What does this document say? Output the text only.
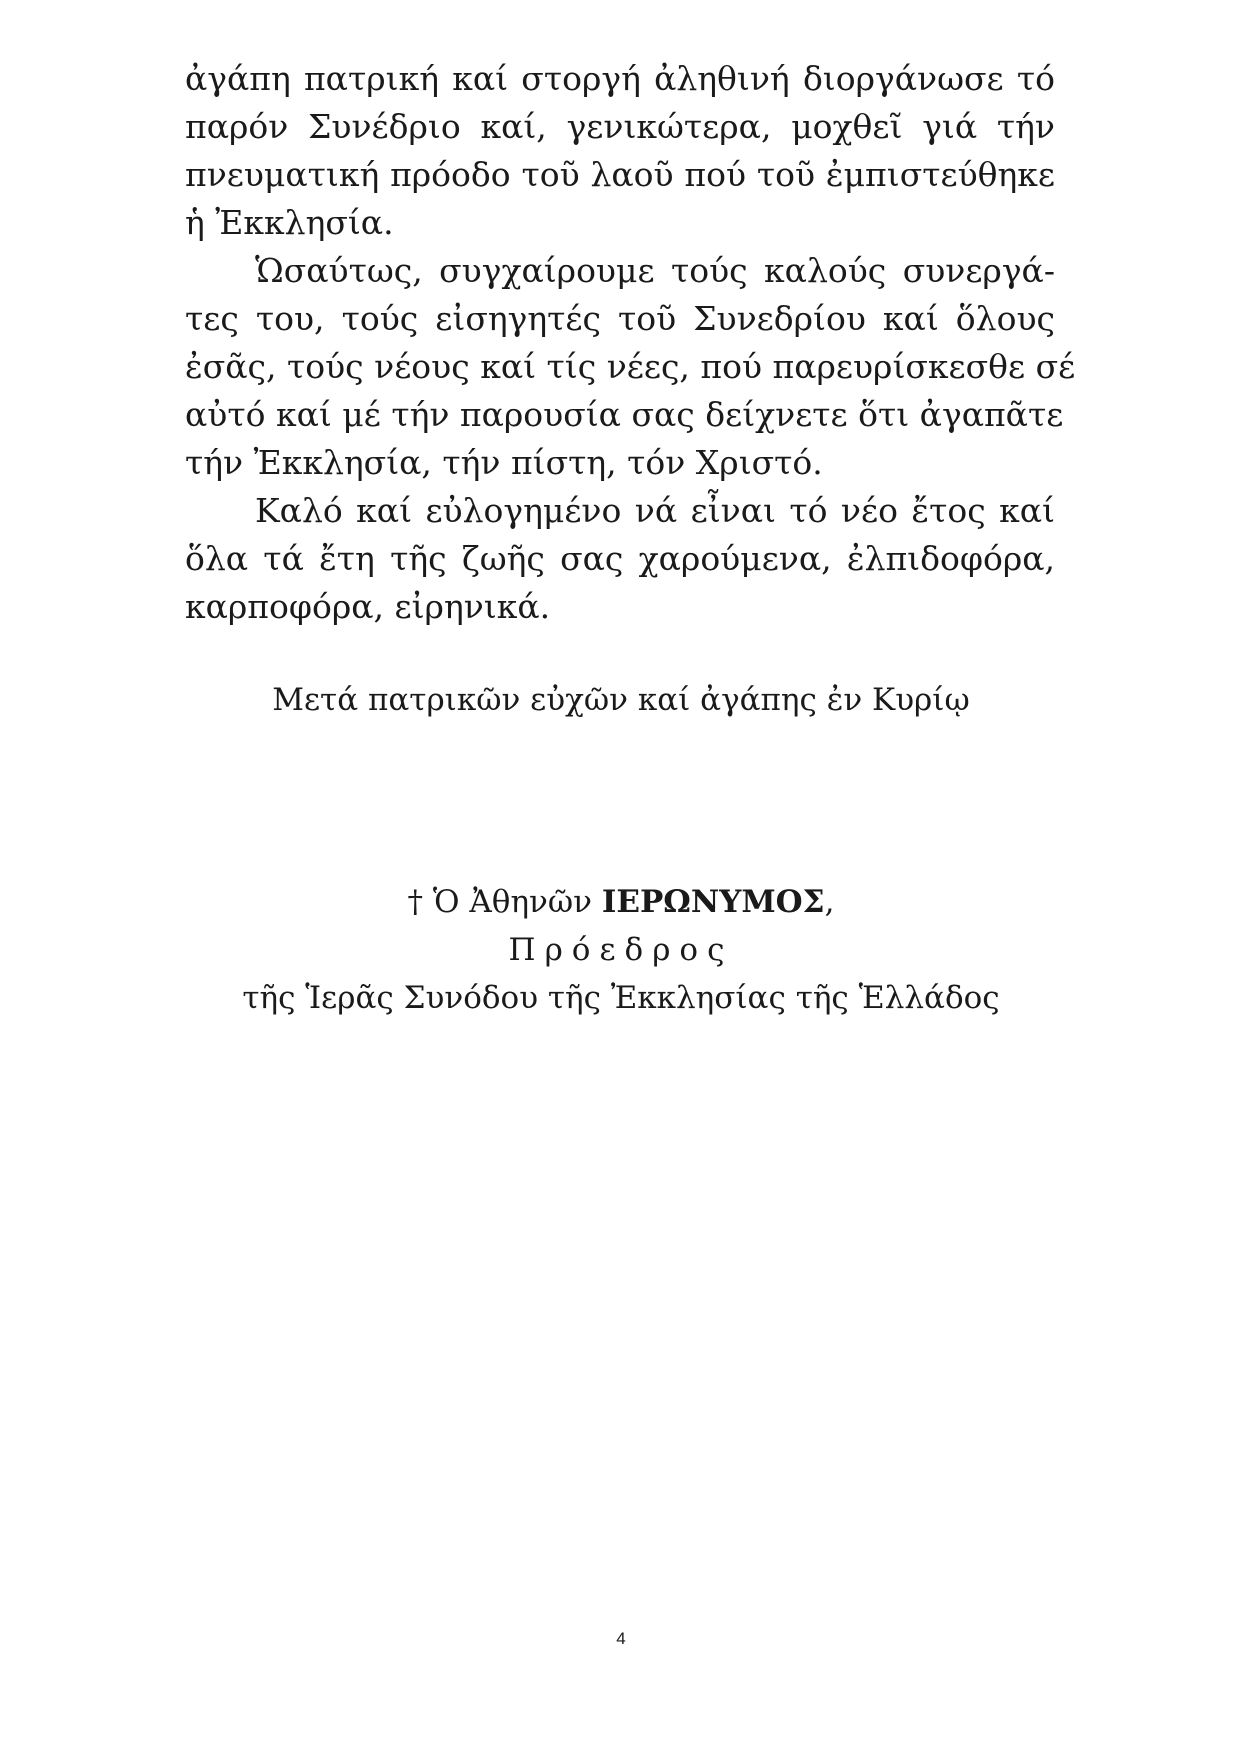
ἀγάπη πατρική καί στοργή ἀληθινή διοργάνωσε τό
παρόν Συνέδριο καί, γενικώτερα, μοχθεῖ γιά τήν
πνευματική πρόοδο τοῦ λαοῦ πού τοῦ ἐμπιστεύθηκε
ἡ Ἐκκλησία.
Ὡσαύτως, συγχαίρουμε τούς καλούς συνεργά-
τες του, τούς εἰσηγητές τοῦ Συνεδρίου καί ὅλους
ἐσᾶς, τούς νέους καί τίς νέες, πού παρευρίσκεσθε σέ
αὐτό καί μέ τήν παρουσία σας δείχνετε ὅτι ἀγαπᾶτε
τήν Ἐκκλησία, τήν πίστη, τόν Χριστό.
Καλό καί εὐλογημένο νά εἶναι τό νέο ἔτος καί
ὅλα τά ἔτη τῆς ζωῆς σας χαρούμενα, ἐλπιδοφόρα,
καρποφόρα, εἰρηνικά.
Μετά πατρικῶν εὐχῶν καί ἀγάπης ἐν Κυρίῳ
† Ὁ Ἀθηνῶν ΙΕΡΩΝΥΜΟΣ,
Πρόεδρος
τῆς Ἱερᾶς Συνόδου τῆς Ἐκκλησίας τῆς Ἑλλάδος
4
